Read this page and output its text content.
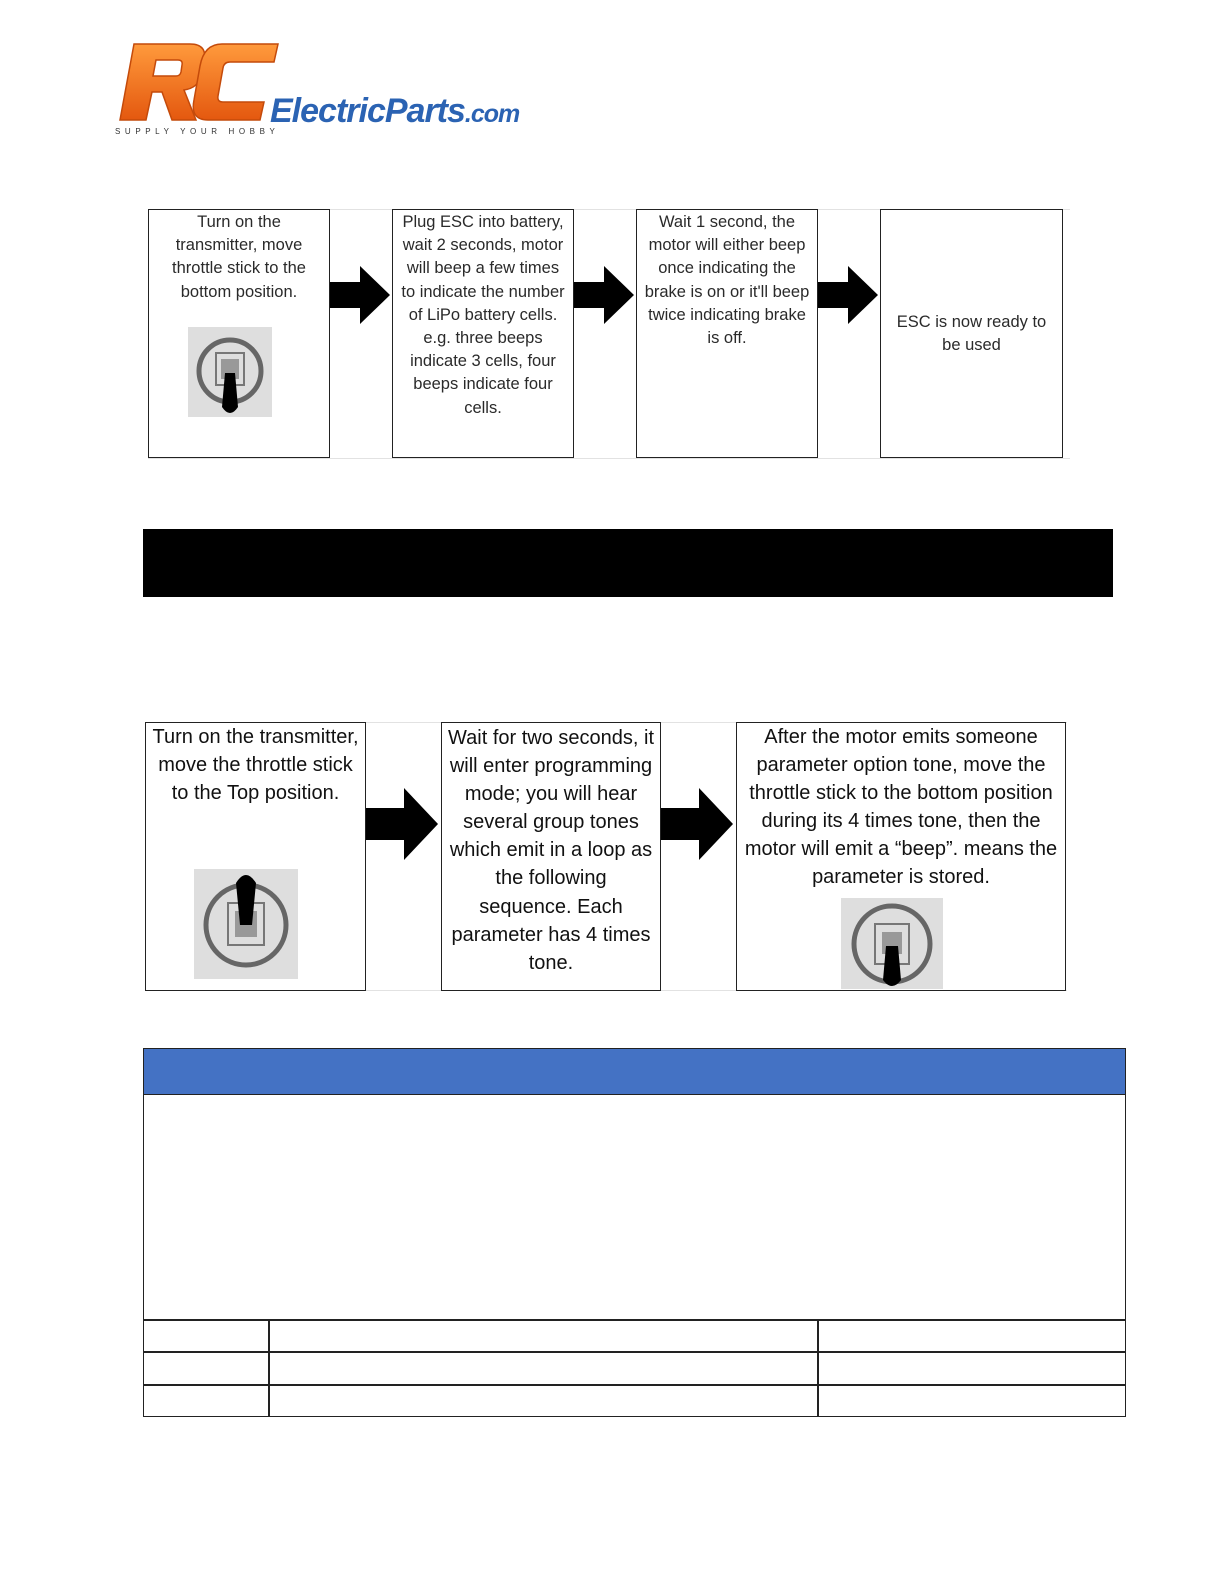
ElectricParts.com
SUPPLY YOUR HOBBY
Turn on the transmitter, move throttle stick to the bottom position.
Plug ESC into battery, wait 2 seconds, motor will beep a few times to indicate the number of LiPo battery cells. e.g. three beeps indicate 3 cells, four beeps indicate four cells.
Wait 1 second, the motor will either beep once indicating the brake is on or it'll beep twice indicating brake is off.
ESC is now ready to be used
Turn on the transmitter, move the throttle stick to the Top position.
Wait for two seconds, it will enter programming mode; you will hear several group tones which emit in a loop as the following sequence. Each parameter has 4 times tone.
After the motor emits someone parameter option tone, move the throttle stick to the bottom position during its 4 times tone, then the motor will emit a “beep”. means the parameter is stored.
